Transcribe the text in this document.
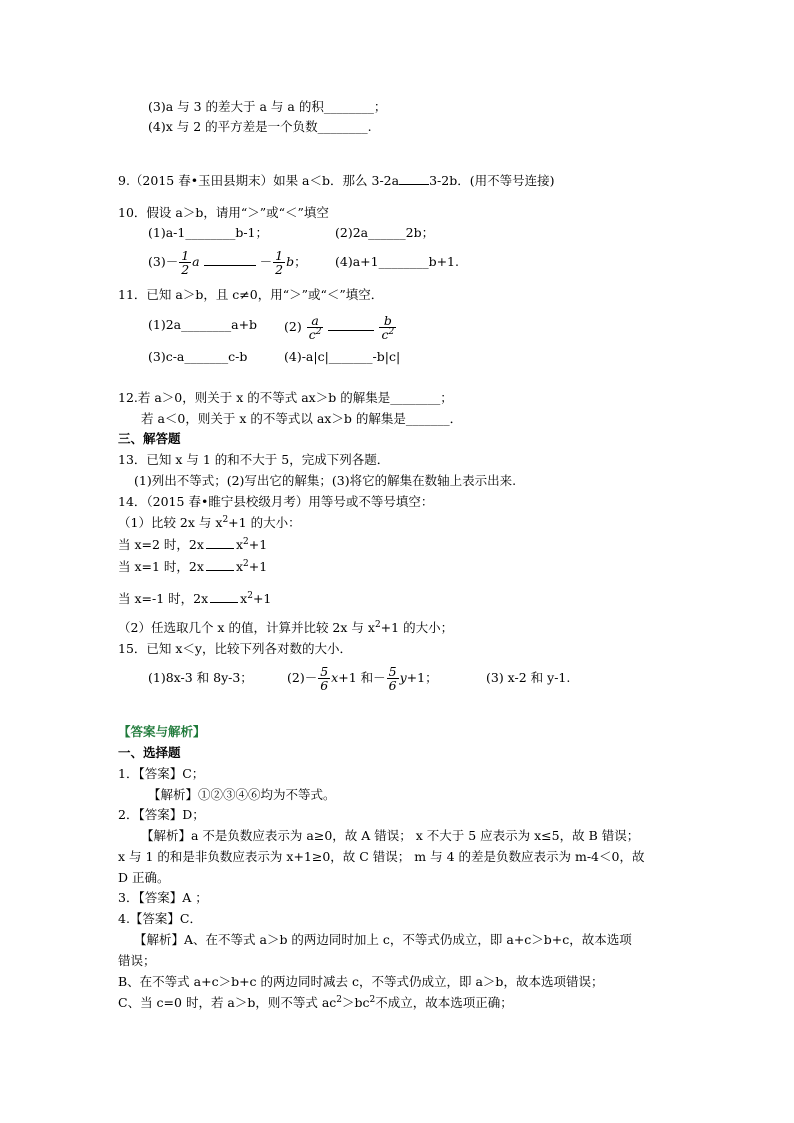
(3)a 与 3 的差大于 a 与 a 的积________；
(4)x 与 2 的平方差是一个负数________.
9.（2015 春•玉田县期末）如果 a＜b．那么 3-2a 3-2b．(用不等号连接)
10．假设 a＞b，请用“＞”或“＜”填空
(1)a-1________b-1；	(2)2a______2b；
$(3)- \frac{1}{2}$ a	－ $\frac{1}{2}$ b； (4)a+1________b+1.
11．已知 a＞b，且 c≠0，用“＞”或“＜”填空．
(1)2a________a+b $(2) \frac{a}{c^2}$	$\frac{b}{c^2}$
(3)c-a_______c-b	(4)-a|c|_______-b|c|
12.若 a＞0，则关于 x 的不等式 ax＞b 的解集是________；
若 a＜0，则关于 x 的不等式以 ax＞b 的解集是_______．
三、解答题
13．已知 x 与 1 的和不大于 5，完成下列各题．
(1)列出不等式；(2)写出它的解集；(3)将它的解集在数轴上表示出来.
14．（2015 春•睢宁县校级月考）用等号或不等号填空：
（1）比较 2x 与 $x^2+1$ 的大小：
当 x=2 时，2x	$x^2+1$
当 x=1 时，2x	$x^2+1$
当 x=-1 时，2x	$x^2+1$
（2）任选取几个 x 的值，计算并比较 2x 与 $x^2+1$ 的大小；
15．已知 x＜y，比较下列各对数的大小．
(1)8x-3 和 8y-3；	$(2)- \frac{5}{6} x+1$ 和－ $\frac{5}{6} y+1$；	(3) x-2 和 y-1.
【答案与解析】
一、选择题
1．【答案】C；
【解析】①②③④⑥均为不等式。
2．【答案】D；
【解析】a 不是负数应表示为 a≥0，故 A 错误； x 不大于 5 应表示为 x≤5，故 B 错误；
x 与 1 的和是非负数应表示为 x+1≥0，故 C 错误； m 与 4 的差是负数应表示为 m-4＜0，故
D 正确。
3．【答案】A ；
4.【答案】C．
【解析】A、在不等式 a＞b 的两边同时加上 c，不等式仍成立，即 a+c＞b+c，故本选项
错误；
B、在不等式 a+c＞b+c 的两边同时减去 c，不等式仍成立，即 a＞b，故本选项错误；
C、当 c=0 时，若 a＞b，则不等式 $ac^2>bc^2$不成立，故本选项正确；
